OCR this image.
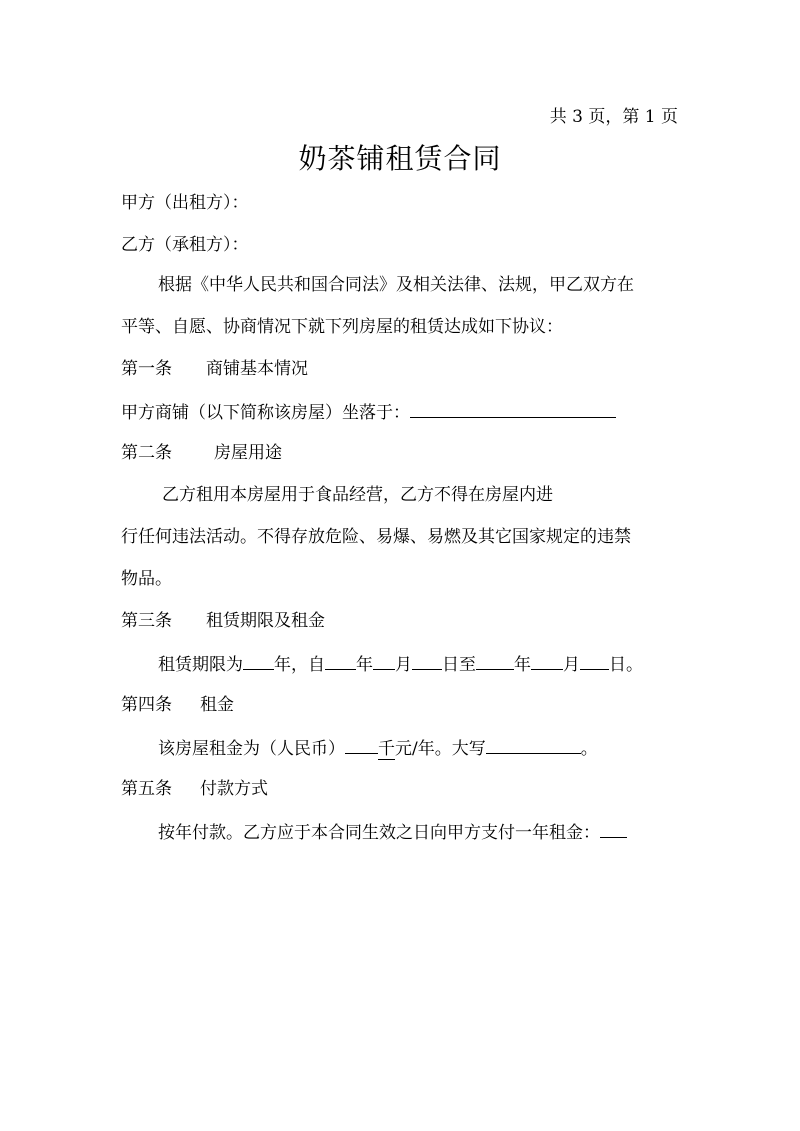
共 3 页，第 1 页
奶茶铺租赁合同
甲方（出租方）：
乙方（承租方）：
根据《中华人民共和国合同法》及相关法律、法规，甲乙双方在
平等、自愿、协商情况下就下列房屋的租赁达成如下协议：
第一条 商铺基本情况
甲方商铺（以下简称该房屋）坐落于：
第二条 房屋用途
乙方租用本房屋用于食品经营，乙方不得在房屋内进
行任何违法活动。不得存放危险、易爆、易燃及其它国家规定的违禁
物品。
第三条 租赁期限及租金
租赁期限为 年，自 年 月 日至 年 月 日。
第四条 租金
该房屋租金为（人民币） 千元/年。大写	。
第五条 付款方式
按年付款。乙方应于本合同生效之日向甲方支付一年租金：
